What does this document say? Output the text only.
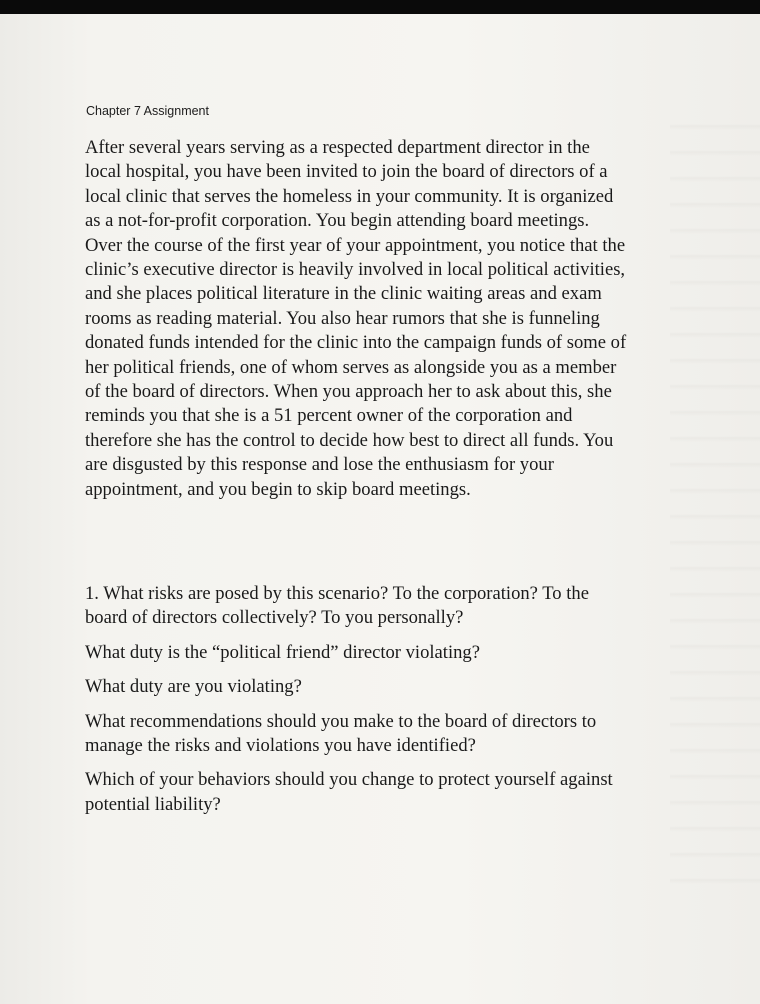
Chapter 7 Assignment
After several years serving as a respected department director in the
local hospital, you have been invited to join the board of directors of a
local clinic that serves the homeless in your community. It is organized
as a not-for-profit corporation. You begin attending board meetings.
Over the course of the first year of your appointment, you notice that the
clinic’s executive director is heavily involved in local political activities,
and she places political literature in the clinic waiting areas and exam
rooms as reading material. You also hear rumors that she is funneling
donated funds intended for the clinic into the campaign funds of some of
her political friends, one of whom serves as alongside you as a member
of the board of directors. When you approach her to ask about this, she
reminds you that she is a 51 percent owner of the corporation and
therefore she has the control to decide how best to direct all funds. You
are disgusted by this response and lose the enthusiasm for your
appointment, and you begin to skip board meetings.
1. What risks are posed by this scenario? To the corporation? To the
board of directors collectively? To you personally?
What duty is the “political friend” director violating?
What duty are you violating?
What recommendations should you make to the board of directors to
manage the risks and violations you have identified?
Which of your behaviors should you change to protect yourself against
potential liability?
